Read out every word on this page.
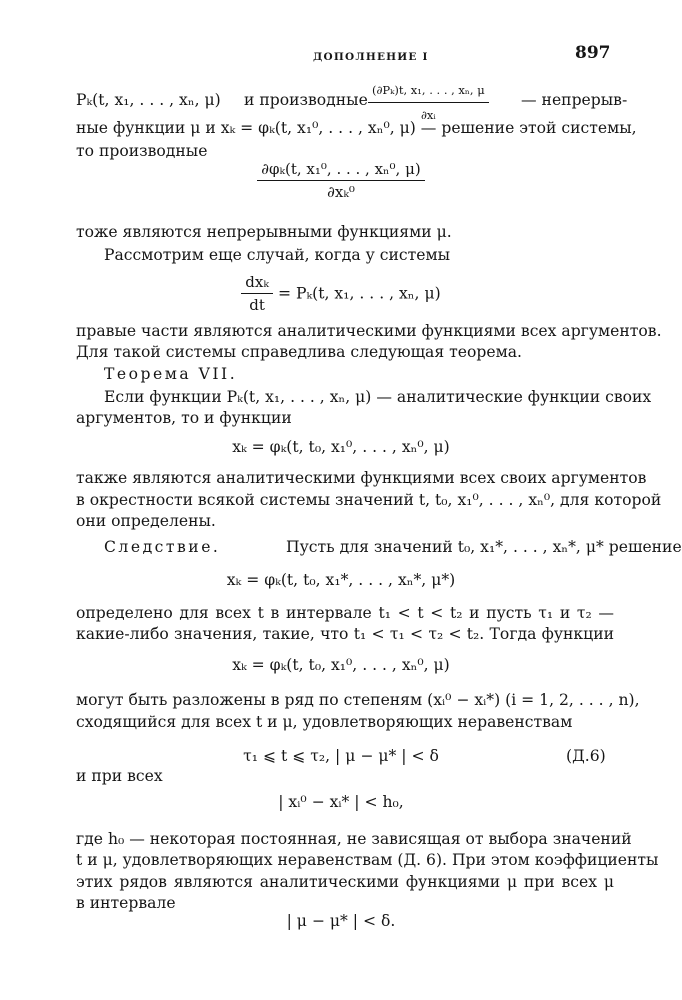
ДОПОЛНЕНИЕ I	897
Pₖ(t, x₁, . . . , xₙ, μ) и производные $\frac{\text{(∂Pₖ)t, x₁, . . . , xₙ, μ}}{\text{∂xᵢ}}$ — непрерыв-
ные функции μ и xₖ = φₖ(t, x₁⁰, . . . , xₙ⁰, μ) — решение этой системы,
то производные
$\frac{\text{∂φₖ(t, x₁⁰, . . . , xₙ⁰, μ)}}{\text{∂xₖ⁰}}$
тоже являются непрерывными функциями μ.
Рассмотрим еще случай, когда у системы
$\frac{\text{dxₖ}}{dt} = P_k(t$, x₁, . . . , xₙ, μ)
правые части являются аналитическими функциями всех аргументов.
Для такой системы справедлива следующая теорема.
Теорема VII.
Если функции Pₖ(t, x₁, . . . , xₙ, μ) — аналитические функции своих
аргументов, то и функции
xₖ = φₖ(t, t₀, x₁⁰, . . . , xₙ⁰, μ)
также являются аналитическими функциями всех своих аргументов
в окрестности всякой системы значений t, t₀, x₁⁰, . . . , xₙ⁰, для которой
они определены.
Следствие.	Пусть для значений t₀, x₁*, . . . , xₙ*, μ* решение
xₖ = φₖ(t, t₀, x₁*, . . . , xₙ*, μ*)
определено для всех t в интервале t₁ < t < t₂ и пусть τ₁ и τ₂ —
какие-либо значения, такие, что t₁ < τ₁ < τ₂ < t₂. Тогда функции
xₖ = φₖ(t, t₀, x₁⁰, . . . , xₙ⁰, μ)
могут быть разложены в ряд по степеням (xᵢ⁰ − xᵢ*) (i = 1, 2, . . . , n),
сходящийся для всех t и μ, удовлетворяющих неравенствам
τ₁ ⩽ t ⩽ τ₂, | μ − μ* | < δ	(Д.6)
и при всех
| xᵢ⁰ − xᵢ* | < h₀,
где h₀ — некоторая постоянная, не зависящая от выбора значений
t и μ, удовлетворяющих неравенствам (Д. 6). При этом коэффициенты
этих рядов являются аналитическими функциями μ при всех μ
в интервале
| μ − μ* | < δ.
